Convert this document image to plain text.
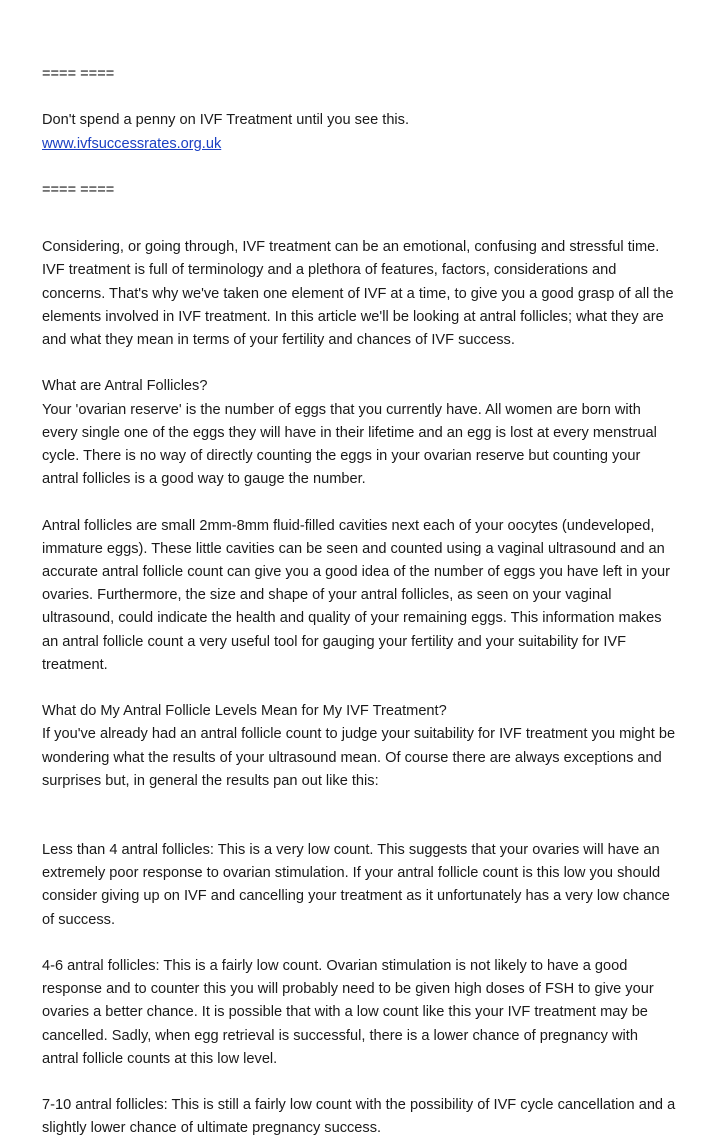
==== ====
Don't spend a penny on IVF Treatment until you see this.
www.ivfsuccessrates.org.uk
==== ====
Considering, or going through, IVF treatment can be an emotional, confusing and stressful time.
IVF treatment is full of terminology and a plethora of features, factors, considerations and
concerns. That's why we've taken one element of IVF at a time, to give you a good grasp of all the
elements involved in IVF treatment. In this article we'll be looking at antral follicles; what they are
and what they mean in terms of your fertility and chances of IVF success.
What are Antral Follicles?
Your 'ovarian reserve' is the number of eggs that you currently have. All women are born with
every single one of the eggs they will have in their lifetime and an egg is lost at every menstrual
cycle. There is no way of directly counting the eggs in your ovarian reserve but counting your
antral follicles is a good way to gauge the number.
Antral follicles are small 2mm-8mm fluid-filled cavities next each of your oocytes (undeveloped,
immature eggs). These little cavities can be seen and counted using a vaginal ultrasound and an
accurate antral follicle count can give you a good idea of the number of eggs you have left in your
ovaries. Furthermore, the size and shape of your antral follicles, as seen on your vaginal
ultrasound, could indicate the health and quality of your remaining eggs. This information makes
an antral follicle count a very useful tool for gauging your fertility and your suitability for IVF
treatment.
What do My Antral Follicle Levels Mean for My IVF Treatment?
If you've already had an antral follicle count to judge your suitability for IVF treatment you might be
wondering what the results of your ultrasound mean. Of course there are always exceptions and
surprises but, in general the results pan out like this:
Less than 4 antral follicles: This is a very low count. This suggests that your ovaries will have an
extremely poor response to ovarian stimulation. If your antral follicle count is this low you should
consider giving up on IVF and cancelling your treatment as it unfortunately has a very low chance
of success.
4-6 antral follicles: This is a fairly low count. Ovarian stimulation is not likely to have a good
response and to counter this you will probably need to be given high doses of FSH to give your
ovaries a better chance. It is possible that with a low count like this your IVF treatment may be
cancelled. Sadly, when egg retrieval is successful, there is a lower chance of pregnancy with
antral follicle counts at this low level.
7-10 antral follicles: This is still a fairly low count with the possibility of IVF cycle cancellation and a
slightly lower chance of ultimate pregnancy success.
